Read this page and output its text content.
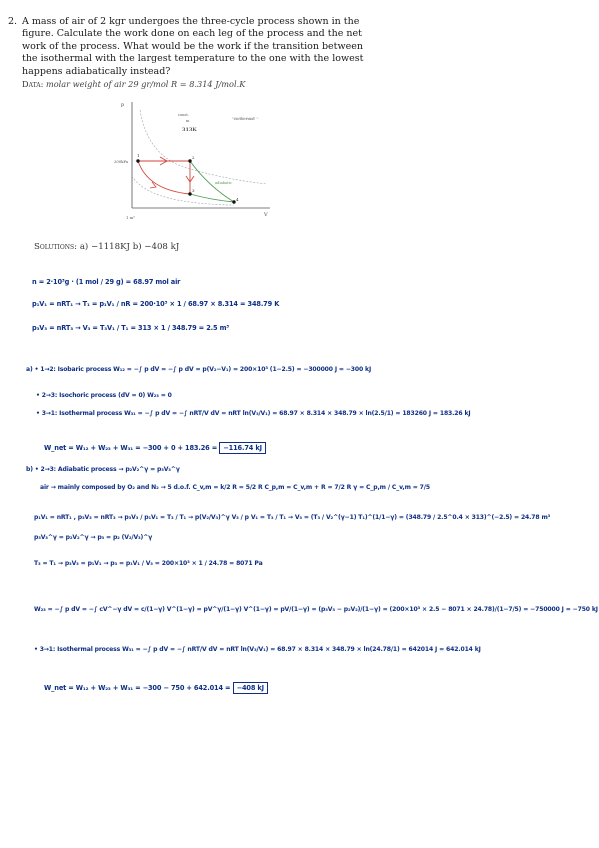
2. A mass of air of 2 kgr undergoes the three-cycle process shown in the figure. Calculate the work done on each leg of the process and the net work of the process. What would be the work if the transition between the isothermal with the largest temperature to the one with the lowest happens adiabatically instead?
Data: molar weight of air 29 gr/mol R = 8.314 J/mol.K
p
V
200kPa
1 m³
isothermal
const.
m
313K
adiabatic
1	2
3
4
Solutions: a) −1118KJ b) −408 kJ
n = 2·10³g · (1 mol / 29 g) = 68.97 mol air
p₁V₁ = nRT₁ → T₁ = p₁V₁ / nR = 200·10³ × 1 / 68.97 × 8.314 = 348.79 K
p₃V₃ = nRT₃ → V₃ = T₃V₁ / T₁ = 313 × 1 / 348.79 = 2.5 m³
a) • 1→2: Isobaric process W₁₂ = −∫ p dV = −∫ p dV = p(V₂−V₁) = 200×10³ (1−2.5) = −300000 J = −300 kJ
• 2→3: Isochoric process (dV = 0) W₂₃ = 0
• 3→1: Isothermal process W₃₁ = −∫ p dV = −∫ nRT/V dV = nRT ln(V₃/V₁) = 68.97 × 8.314 × 348.79 × ln(2.5/1) = 183260 J = 183.26 kJ
W_net = W₁₂ + W₂₃ + W₃₁ = −300 + 0 + 183.26 = −116.74 kJ
b) • 2→3: Adiabatic process → p₂V₂^γ = p₃V₃^γ
air → mainly composed by O₂ and N₂ → 5 d.o.f. C_v,m = k/2 R = 5/2 R C_p,m = C_v,m + R = 7/2 R γ = C_p,m / C_v,m = 7/5
p₁V₁ = nRT₁ , p₃V₃ = nRT₃ → p₃V₃ / p₁V₁ = T₃ / T₁ → p(V₂/V₃)^γ V₃ / p V₁ = T₃ / T₁ → V₃ = (T₃ / V₂^(γ−1) T₁)^(1/1−γ) = (348.79 / 2.5^0.4 × 313)^(−2.5) = 24.78 m³
p₃V₃^γ = p₂V₂^γ → p₃ = p₂ (V₂/V₃)^γ
T₃ = T₁ → p₃V₃ = p₁V₁ → p₃ = p₁V₁ / V₃ = 200×10³ × 1 / 24.78 = 8071 Pa
W₂₃ = −∫ p dV = −∫ cV^−γ dV = c/(1−γ) V^(1−γ) = pV^γ/(1−γ) V^(1−γ) = pV/(1−γ) = (p₃V₃ − p₂V₂)/(1−γ) = (200×10³ × 2.5 − 8071 × 24.78)/(1−7/5) = −750000 J = −750 kJ
• 3→1: Isothermal process W₃₁ = −∫ p dV = −∫ nRT/V dV = nRT ln(V₃/V₁) = 68.97 × 8.314 × 348.79 × ln(24.78/1) = 642014 J = 642.014 kJ
W_net = W₁₂ + W₂₃ + W₃₁ = −300 − 750 + 642.014 = −408 kJ
